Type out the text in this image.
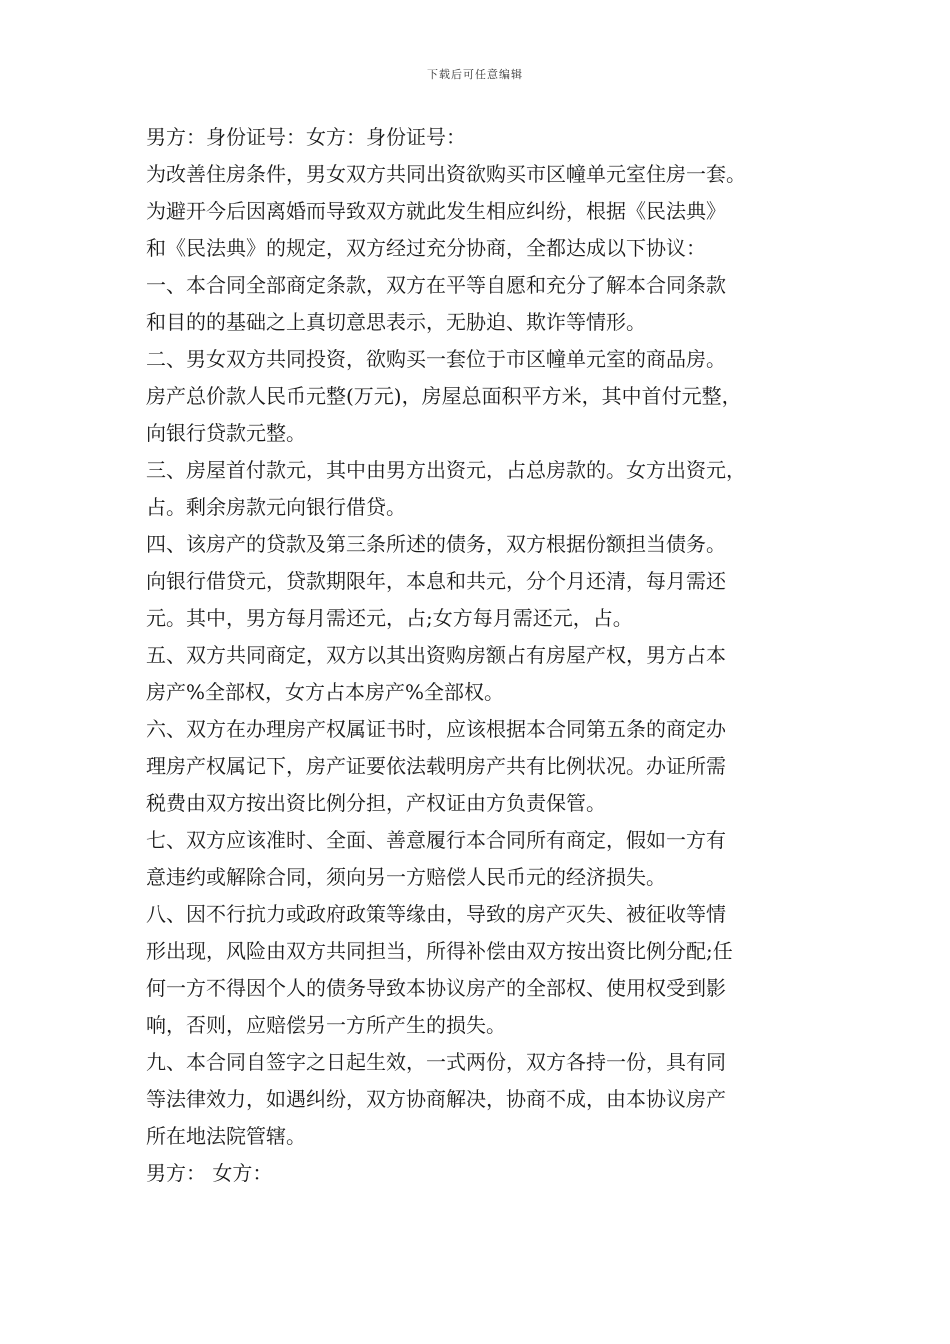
下载后可任意编辑
男方：身份证号：女方：身份证号：
为改善住房条件，男女双方共同出资欲购买市区幢单元室住房一套。
为避开今后因离婚而导致双方就此发生相应纠纷，根据《民法典》
和《民法典》的规定，双方经过充分协商，全都达成以下协议：
一、本合同全部商定条款，双方在平等自愿和充分了解本合同条款
和目的的基础之上真切意思表示，无胁迫、欺诈等情形。
二、男女双方共同投资，欲购买一套位于市区幢单元室的商品房。
房产总价款人民币元整(万元)，房屋总面积平方米，其中首付元整，
向银行贷款元整。
三、房屋首付款元，其中由男方出资元，占总房款的。女方出资元，
占。剩余房款元向银行借贷。
四、该房产的贷款及第三条所述的债务，双方根据份额担当债务。
向银行借贷元，贷款期限年，本息和共元，分个月还清，每月需还
元。其中，男方每月需还元，占;女方每月需还元，占。
五、双方共同商定，双方以其出资购房额占有房屋产权，男方占本
房产%全部权，女方占本房产%全部权。
六、双方在办理房产权属证书时，应该根据本合同第五条的商定办
理房产权属记下，房产证要依法载明房产共有比例状况。办证所需
税费由双方按出资比例分担，产权证由方负责保管。
七、双方应该准时、全面、善意履行本合同所有商定，假如一方有
意违约或解除合同，须向另一方赔偿人民币元的经济损失。
八、因不行抗力或政府政策等缘由，导致的房产灭失、被征收等情
形出现，风险由双方共同担当，所得补偿由双方按出资比例分配;任
何一方不得因个人的债务导致本协议房产的全部权、使用权受到影
响，否则，应赔偿另一方所产生的损失。
九、本合同自签字之日起生效，一式两份，双方各持一份，具有同
等法律效力，如遇纠纷，双方协商解决，协商不成，由本协议房产
所在地法院管辖。
男方： 女方：
